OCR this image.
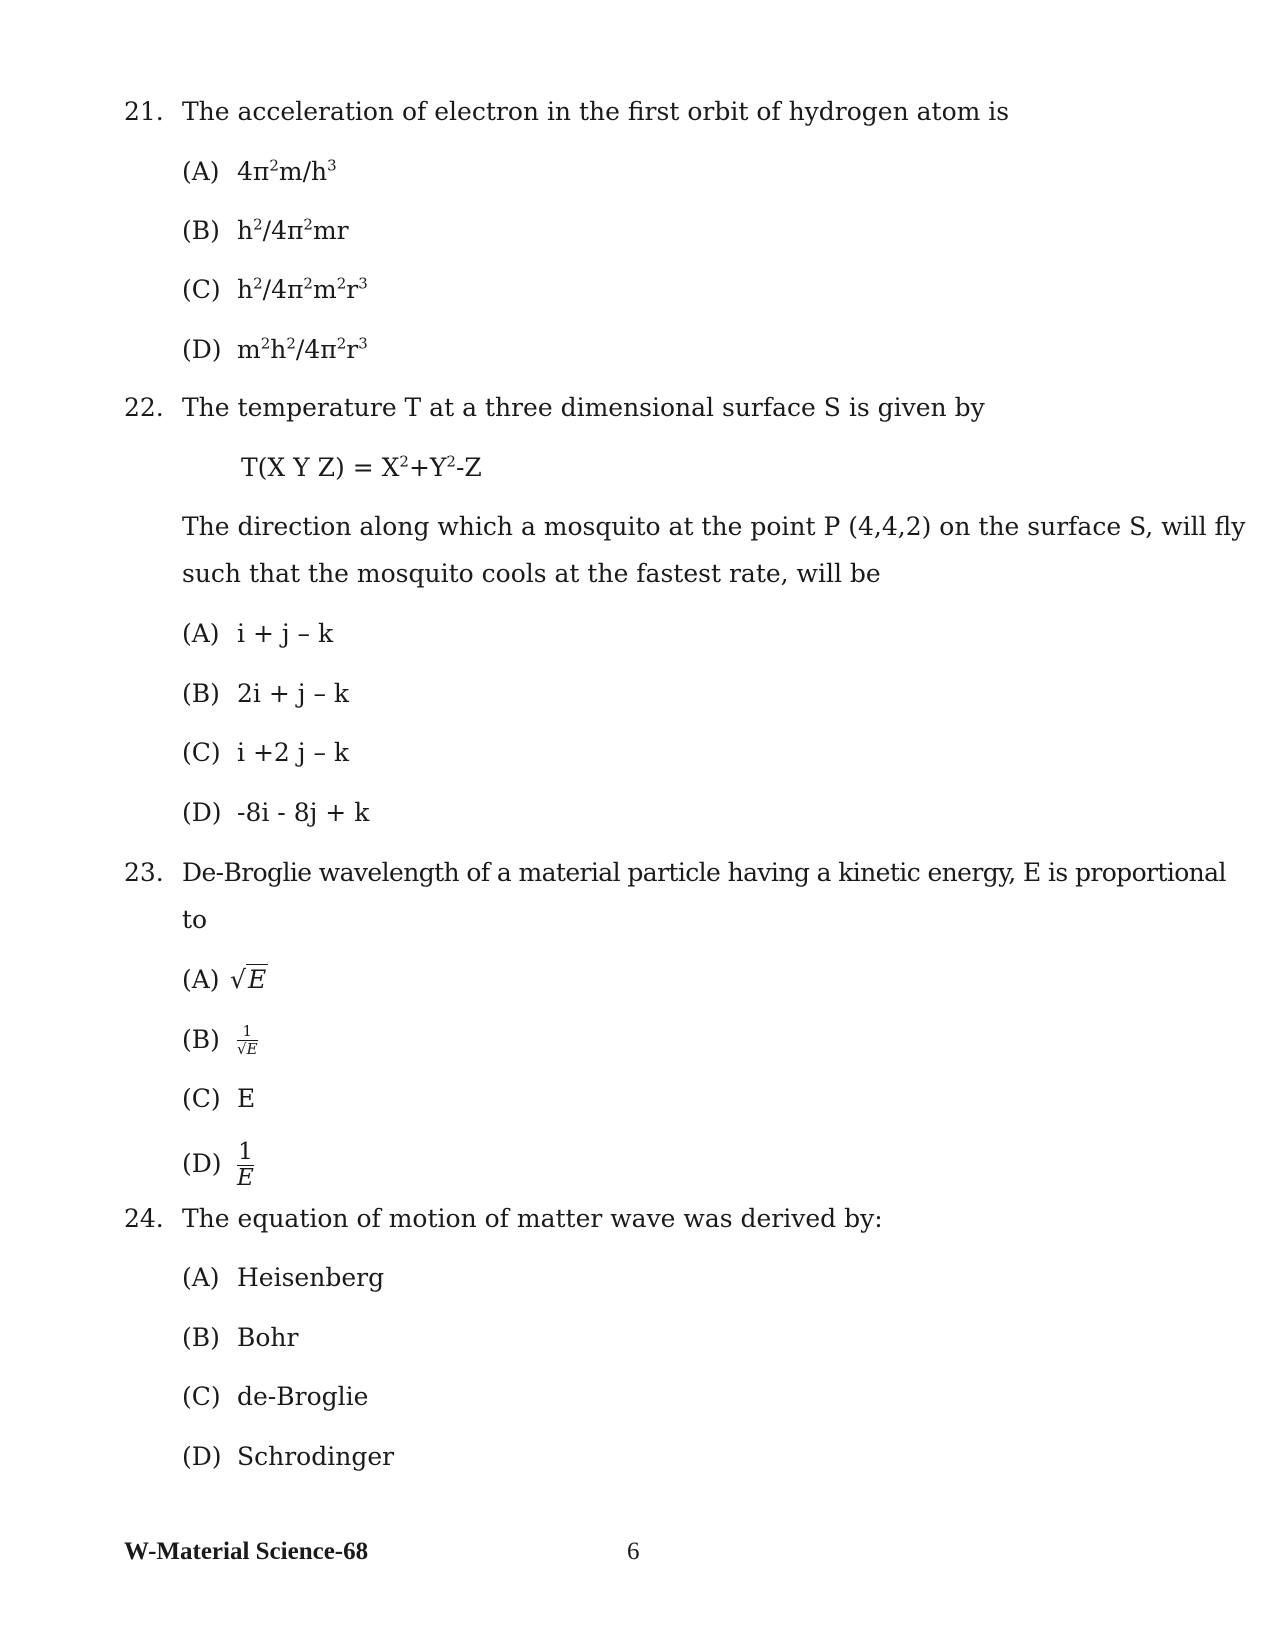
21. The acceleration of electron in the first orbit of hydrogen atom is
(A) $4\pi^2m/h^3$
(B) $h^2/4\pi^2mr$
(C) $h^2/4\pi^2m^2r^3$
(D) $m^2h^2/4\pi^2r^3$
22. The temperature T at a three dimensional surface S is given by
T(X Y $Z) = X^2+Y^2-Z$
The direction along which a mosquito at the point P (4,4,2) on the surface S, will fly
such that the mosquito cools at the fastest rate, will be
(A) i + j – k
(B) 2i + j – k
(C) i +2 j – k
(D) -8i - 8j + k
23. De-Broglie wavelength of a material particle having a kinetic energy, E is proportional
to
(A) √E
$(B) \frac{1}{√E}$
(C) E
$(D) \frac{1}{E}$
24. The equation of motion of matter wave was derived by:
(A) Heisenberg
(B) Bohr
(C) de-Broglie
(D) Schrodinger
W-Material Science-68	6
